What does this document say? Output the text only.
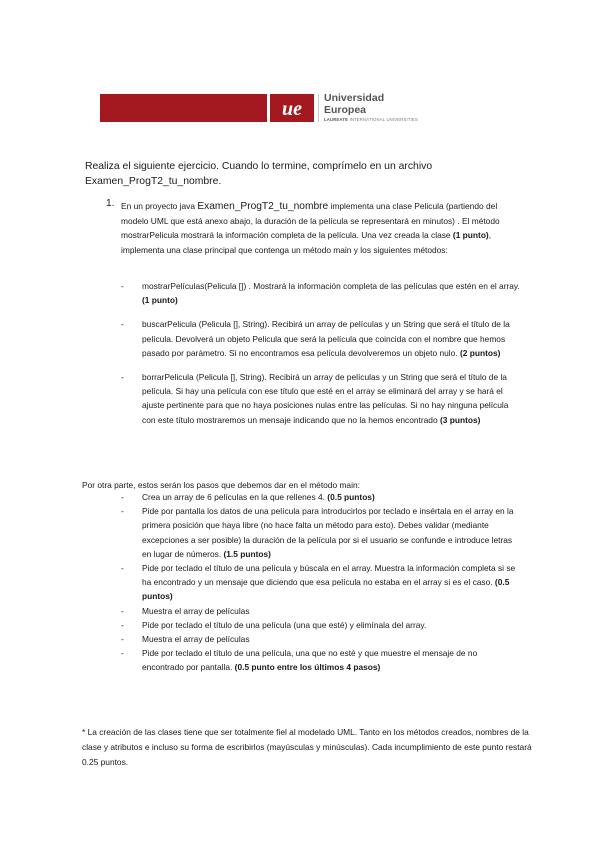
ue Universidad
Europea
LAUREATE INTERNATIONAL UNIVERSITIES
Realiza el siguiente ejercicio. Cuando lo termine, comprímelo en un archivo
Examen_ProgT2_tu_nombre.
1. En un proyecto java Examen_ProgT2_tu_nombre implementa una clase Pelicula (partiendo del modelo UML que está anexo abajo, la duración de la película se representará en minutos) . El método mostrarPelicula mostrará la información completa de la película. Una vez creada la clase (1 punto), implementa una clase principal que contenga un método main y los siguientes métodos:
- mostrarPelículas(Pelicula []) . Mostrará la información completa de las películas que estén en el array. (1 punto)
- buscarPelicula (Pelicula [], String). Recibirá un array de películas y un String que será el título de la película. Devolverá un objeto Pelicula que será la película que coincida con el nombre que hemos pasado por parámetro. Si no encontramos esa película devolveremos un objeto nulo. (2 puntos)
- borrarPelicula (Pelicula [], String). Recibirá un array de películas y un String que será el título de la película. Si hay una película con ese título que esté en el array se eliminará del array y se hará el ajuste pertinente para que no haya posiciones nulas entre las películas. Si no hay ninguna película con este título mostraremos un mensaje indicando que no la hemos encontrado (3 puntos)
Por otra parte, estos serán los pasos que debemos dar en el método main:
- Crea un array de 6 películas en la que rellenes 4. (0.5 puntos)
- Pide por pantalla los datos de una película para introducirlos por teclado e insértala en el array en la primera posición que haya libre (no hace falta un método para esto). Debes validar (mediante excepciones a ser posible) la duración de la película por si el usuario se confunde e introduce letras en lugar de números. (1.5 puntos)
- Pide por teclado el título de una película y búscala en el array. Muestra la información completa si se ha encontrado y un mensaje que diciendo que esa película no estaba en el array si es el caso. (0.5 puntos)
- Muestra el array de películas
- Pide por teclado el título de una película (una que esté) y elimínala del array.
- Muestra el array de películas
- Pide por teclado el título de una película, una que no esté y que muestre el mensaje de no encontrado por pantalla. (0.5 punto entre los últimos 4 pasos)
* La creación de las clases tiene que ser totalmente fiel al modelado UML. Tanto en los métodos creados, nombres de la clase y atributos e incluso su forma de escribirlos (mayúsculas y minúsculas). Cada incumplimiento de este punto restará 0.25 puntos.
